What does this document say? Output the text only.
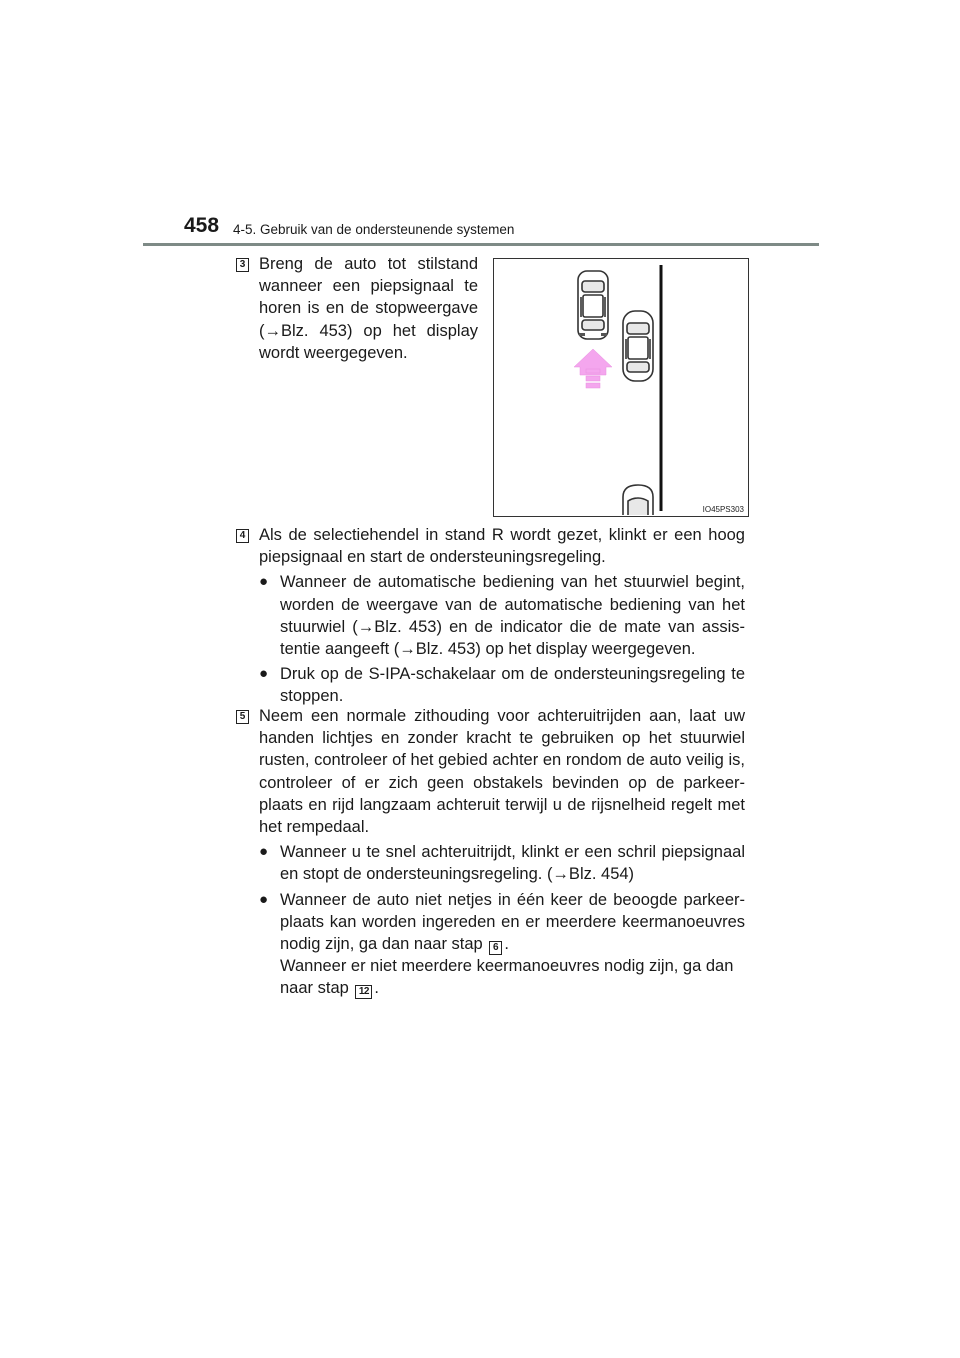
458 4-5. Gebruik van de ondersteunende systemen
3 Breng de auto tot stilstand wanneer een piepsignaal te horen is en de stopweergave (→Blz. 453) op het display wordt weergegeven.

IO45PS303
4 Als de selectiehendel in stand R wordt gezet, klinkt er een hoog piepsignaal en start de ondersteuningsregeling.

● Wanneer de automatische bediening van het stuurwiel begint, worden de weergave van de automatische bediening van het stuurwiel (→Blz. 453) en de indicator die de mate van assis- tentie aangeeft (→Blz. 453) op het display weergegeven.

● Druk op de S-IPA-schakelaar om de ondersteuningsregeling te stoppen.

5 Neem een normale zithouding voor achteruitrijden aan, laat uw handen lichtjes en zonder kracht te gebruiken op het stuurwiel rusten, controleer of het gebied achter en rondom de auto veilig is, controleer of er zich geen obstakels bevinden op de parkeer- plaats en rijd langzaam achteruit terwijl u de rijsnelheid regelt met het rempedaal.

● Wanneer u te snel achteruitrijdt, klinkt er een schril piepsignaal en stopt de ondersteuningsregeling. (→Blz. 454)

● Wanneer de auto niet netjes in één keer de beoogde parkeer- plaats kan worden ingereden en er meerdere keermanoeuvres nodig zijn, ga dan naar stap 6 .

Wanneer er niet meerdere keermanoeuvres nodig zijn, ga dan naar stap 12 .
